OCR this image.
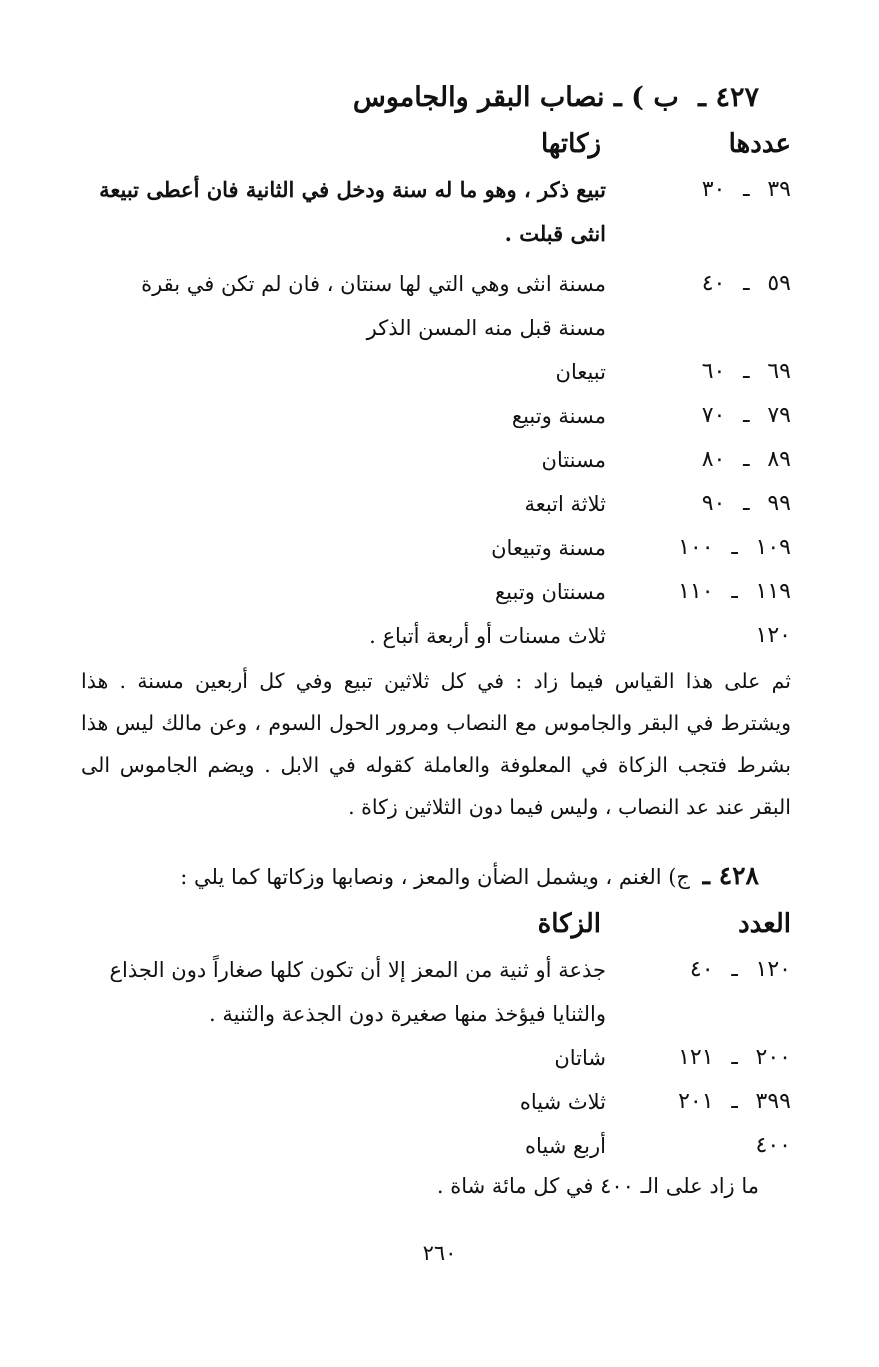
٤٢٧ ـ ب ) ـ نصاب البقر والجاموس
عددها
زكاتها
٣٩ـ٣٠
تبيع ذكر ، وهو ما له سنة ودخل في الثانية فان أعطى تبيعة انثى قبلت .
٥٩ـ٤٠
مسنة انثى وهي التي لها سنتان ، فان لم تكن في بقرة مسنة قبل منه المسن الذكر
٦٩ـ٦٠
تبيعان
٧٩ـ٧٠
مسنة وتبيع
٨٩ـ٨٠
مسنتان
٩٩ـ٩٠
ثلاثة اتبعة
١٠٩ـ١٠٠
مسنة وتبيعان
١١٩ـ١١٠
مسنتان وتبيع
١٢٠
ثلاث مسنات أو أربعة أتباع .
ثم على هذا القياس فيما زاد : في كل ثلاثين تبيع وفي كل أربعين مسنة . هذا ويشترط في البقر والجاموس مع النصاب ومرور الحول السوم ، وعن مالك ليس هذا بشرط فتجب الزكاة في المعلوفة والعاملة كقوله في الابل . ويضم الجاموس الى البقر عند عد النصاب ، وليس فيما دون الثلاثين زكاة .
٤٢٨ ـ ج) الغنم ، ويشمل الضأن والمعز ، ونصابها وزكاتها كما يلي :
العدد
الزكاة
١٢٠ـ٤٠
جذعة أو ثنية من المعز إلا أن تكون كلها صغاراً دون الجذاع والثنايا فيؤخذ منها صغيرة دون الجذعة والثنية .
٢٠٠ـ١٢١
شاتان
٣٩٩ـ٢٠١
ثلاث شياه
٤٠٠
أربع شياه
ما زاد على الـ ٤٠٠ في كل مائة شاة .
٢٦٠
